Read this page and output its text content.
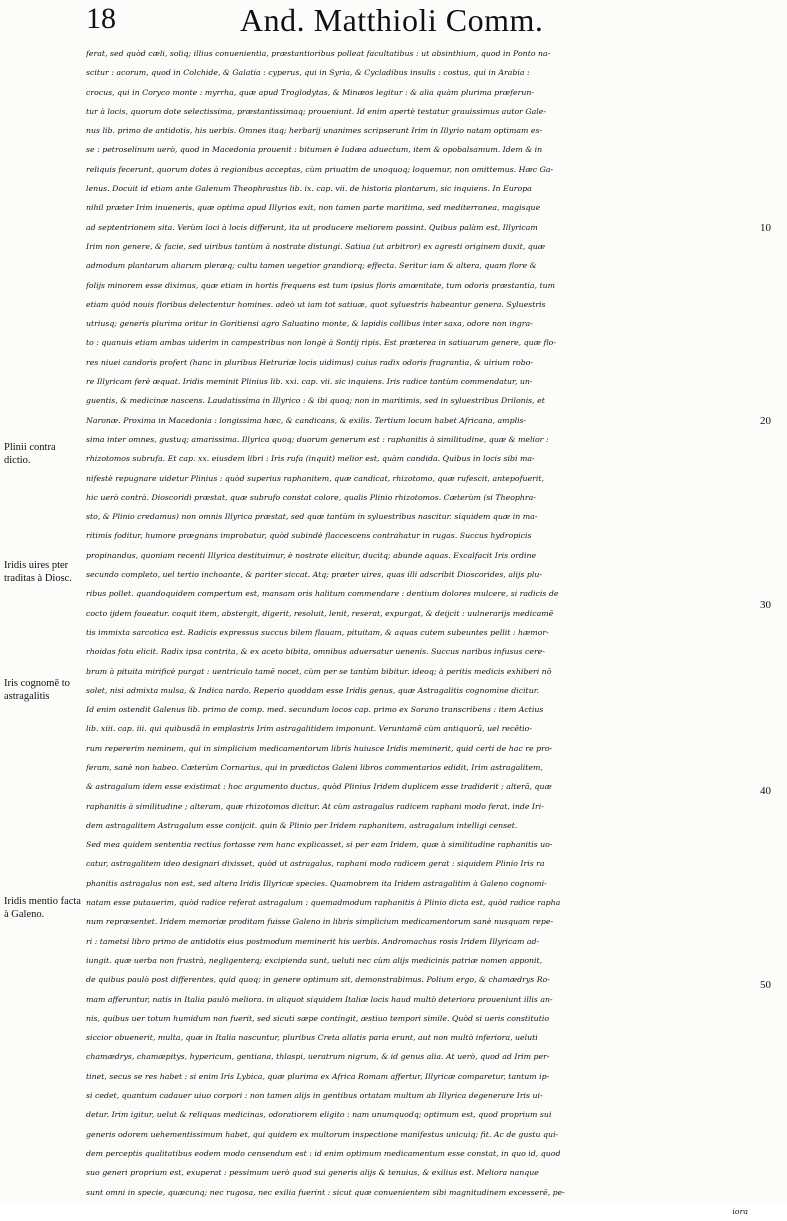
18	And. Matthioli Comm.
ferat, sed quòd cæli, soliq; illius conuenientia, præstantioribus polleat facultatibus : ut absinthium, quod in Ponto na-
scitur : acorum, quod in Colchide, & Galatia : cyperus, qui in Syria, & Cycladibus insulis : costus, qui in Arabia :
crocus, qui in Coryco monte : myrrha, quæ apud Troglodytas, & Minæos legitur : & alia quàm plurima præferun-
tur à locis, quorum dote selectissima, præstantissimaq; proueniunt. Id enim apertè testatur grauissimus autor Gale-
nus lib. primo de antidotis, his uerbis. Omnes itaq; herbarij unanimes scripserunt Irim in Illyrio natam optimam es-
se : petroselinum uerò, quod in Macedonia prouenit : bitumen è Iudæa aduectum, item & opobalsamum. Idem & in
reliquis fecerunt, quorum dotes à regionibus acceptas, cùm priuatim de unoquoq; loquemur, non omittemus. Hæc Ga-
lenus. Docuit id etiam ante Galenum Theophrastus lib. ix. cap. vii. de historia plantarum, sic inquiens. In Europa
nihil præter Irim inueneris, quæ optima apud Illyrios exit, non tamen parte maritima, sed mediterranea, magisque
ad septentrionem sita. Verùm loci à locis differunt, ita ut producere meliorem possint. Quibus palàm est, Illyricam
Irim non genere, & facie, sed uiribus tantùm à nostrate distungi. Satiua (ut arbitror) ex agresti originem duxit, quæ
admodum plantarum aliarum pleræq; cultu tamen uegetior grandiorq; effecta. Seritur iam & altera, quam flore &
folijs minorem esse diximus, quæ etiam in hortis frequens est tum ipsius floris amœnitate, tum odoris præstantia, tum
etiam quòd nouis floribus delectentur homines. adeò ut iam tot satiuæ, quot syluestris habeantur genera. Syluestris
utriusq; generis plurima oritur in Goritiensi agro Saluatino monte, & lapidis collibus inter saxa, odore non ingra-
to : quanuis etiam ambas uiderim in campestribus non longè à Sontij ripis. Est præterea in satiuarum genere, quæ flo-
res niuei candoris profert (hanc in pluribus Hetruriæ locis uidimus) cuius radix odoris fragrantia, & uirium robo-
re Illyricam ferè æquat. Iridis meminit Plinius lib. xxi. cap. vii. sic inquiens. Iris radice tantùm commendatur, un-
guentis, & medicinæ nascens. Laudatissima in Illyrico : & ibi quoq; non in maritimis, sed in syluestribus Drilonis, et
Naronæ. Proxima in Macedonia : longissima hæc, & candicans, & exilis. Tertium locum habet Africana, amplis-
sima inter omnes, gustuq; amarissima. Illyrica quoq; duorum generum est : raphanitis à similitudine, quæ & melior :
rhizotomos subrufa. Et cap. xx. eiusdem libri : Iris rufa (inquit) melior est, quàm candida. Quibus in locis sibi ma-
nifestè repugnare uidetur Plinius : quòd superius raphanitem, quæ candicat, rhizotomo, quæ rufescit, antepofuerit,
hic uerò contrà. Dioscoridi præstat, quæ subrufo constat colore, qualis Plinio rhizotomos. Cæterùm (si Theophra-
sto, & Plinio credamus) non omnis Illyrica præstat, sed quæ tantùm in syluestribus nascitur. siquidem quæ in ma-
ritimis foditur, humore prægnans improbatur, quòd subindè flaccescens contrahatur in rugas. Succus hydropicis
propinandus, quoniam recenti Illyrica destituimur, è nostrate elicitur, ducitq; abunde aquas. Excalfacit Iris ordine
secundo completo, uel tertio inchoante, & pariter siccat. Atq; præter uires, quas illi adscribit Dioscorides, alijs plu-
ribus pollet. quandoquidem compertum est, mansam oris halitum commendare : dentium dolores mulcere, si radicis de
cocto ijdem foueatur. coquit item, abstergit, digerit, resoluit, lenit, reserat, expurgat, & deijcit : uulnerarijs medicamē
tis immixta sarcotica est. Radicis expressus succus bilem flauam, pituitam, & aquas cutem subeuntes pellit : hæmor-
rhoidas fotu elicit. Radix ipsa contrita, & ex aceto bibita, omnibus aduersatur uenenis. Succus naribus infusus cere-
brum à pituita mirificè purgat : uentriculo tamē nocet, cùm per se tantùm bibitur. ideoq; à peritis medicis exhiberi nō
solet, nisi admixta mulsa, & Indica nardo. Reperio quoddam esse Iridis genus, quæ Astragalitis cognomine dicitur.
Id enim ostendit Galenus lib. primo de comp. med. secundum locos cap. primo ex Sorano transcribens : item Actius
lib. xiii. cap. iii. qui quibusdā in emplastris Irim astragalitidem imponunt. Veruntamē cùm antiquorū, uel recētio-
rum repererim neminem, qui in simplicium medicamentorum libris huiusce Iridis meminerit, quid certi de hac re pro-
feram, sanè non habeo. Cæterùm Cornarius, qui in prædictos Galeni libros commentarios edidit, Irim astragalitem,
& astragalum idem esse existimat : hoc argumento ductus, quòd Plinius Iridem duplicem esse tradiderit ; alterā, quæ
raphanitis à similitudine ; alteram, quæ rhizotomos dicitur. At cùm astragalus radicem raphani modo ferat, inde Iri-
dem astragalitem Astragalum esse conijcit. quin & Plinio per Iridem raphanitem, astragalum intelligi censet.
Sed mea quidem sententia rectius fortasse rem hanc explicasset, si per eam Iridem, quæ à similitudine raphanitis uo-
catur, astragalitem ideo designari dixisset, quòd ut astragalus, raphani modo radicem gerat : siquidem Plinio Iris ra
phanitis astragalus non est, sed altera Iridis Illyricæ species. Quamobrem ita Iridem astragalitim à Galeno cognomi-
natam esse putauerim, quòd radice referat astragalum : quemadmodum raphanitis à Plinio dicta est, quòd radice rapha
num repræsentet. Iridem memoriæ proditam fuisse Galeno in libris simplicium medicamentorum sanè nusquam repe-
ri : tametsi libro primo de antidotis eius postmodum meminerit his uerbis. Andromachus rosis Iridem Illyricam ad-
iungit. quæ uerba non frustrà, negligenterq; excipienda sunt, ueluti nec cùm alijs medicinis patriæ nomen apponit,
de quibus paulò post differentes, quid quoq; in genere optimum sit, demonstrabimus. Polium ergo, & chamædrys Ro-
mam afferuntur, natis in Italia paulò meliora. in aliquot siquidem Italiæ locis haud multò deteriora proueniunt illis an-
nis, quibus uer totum humidum non fuerit, sed sicuti sæpe contingit, æstiuo tempori simile. Quòd si ueris constitutio
siccior obuenerit, multa, quæ in Italia nascuntur, pluribus Creta allatis paria erunt, aut non multò inferiora, ueluti
chamædrys, chamæpitys, hypericum, gentiana, thlaspi, ueratrum nigrum, & id genus alia. At uerò, quod ad Irim per-
tinet, secus se res habet : si enim Iris Lybica, quæ plurima ex Africa Romam affertur, Illyricæ comparetur, tantum ip-
si cedet, quantum cadauer uiuo corpori : non tamen alijs in gentibus ortatam multum ab Illyrica degenerare Iris ui-
detur. Irim igitur, uelut & reliquas medicinas, odoratiorem eligito : nam unumquodq; optimum est, quod proprium sui
generis odorem uehementissimum habet, qui quidem ex multorum inspectione manifestus unicuiq; fit. Ac de gustu qui-
dem perceptis qualitatibus eodem modo censendum est : id enim optimum medicamentum esse constat, in quo id, quod
suo generi proprium est, exuperat : pessimum uerò quod sui generis alijs & tenuius, & exilius est. Meliora nanque
sunt omni in specie, quæcunq; nec rugosa, nec exilia fuerint : sicut quæ conuenientem sibi magnitudinem excesserē, pe-
iora
Plinii contra dictio.
Iridis uires pter traditas à Diosc.
Iris cognomē to astragalitis
Iridis mentio facta à Galeno.
10
20
30
40
50
